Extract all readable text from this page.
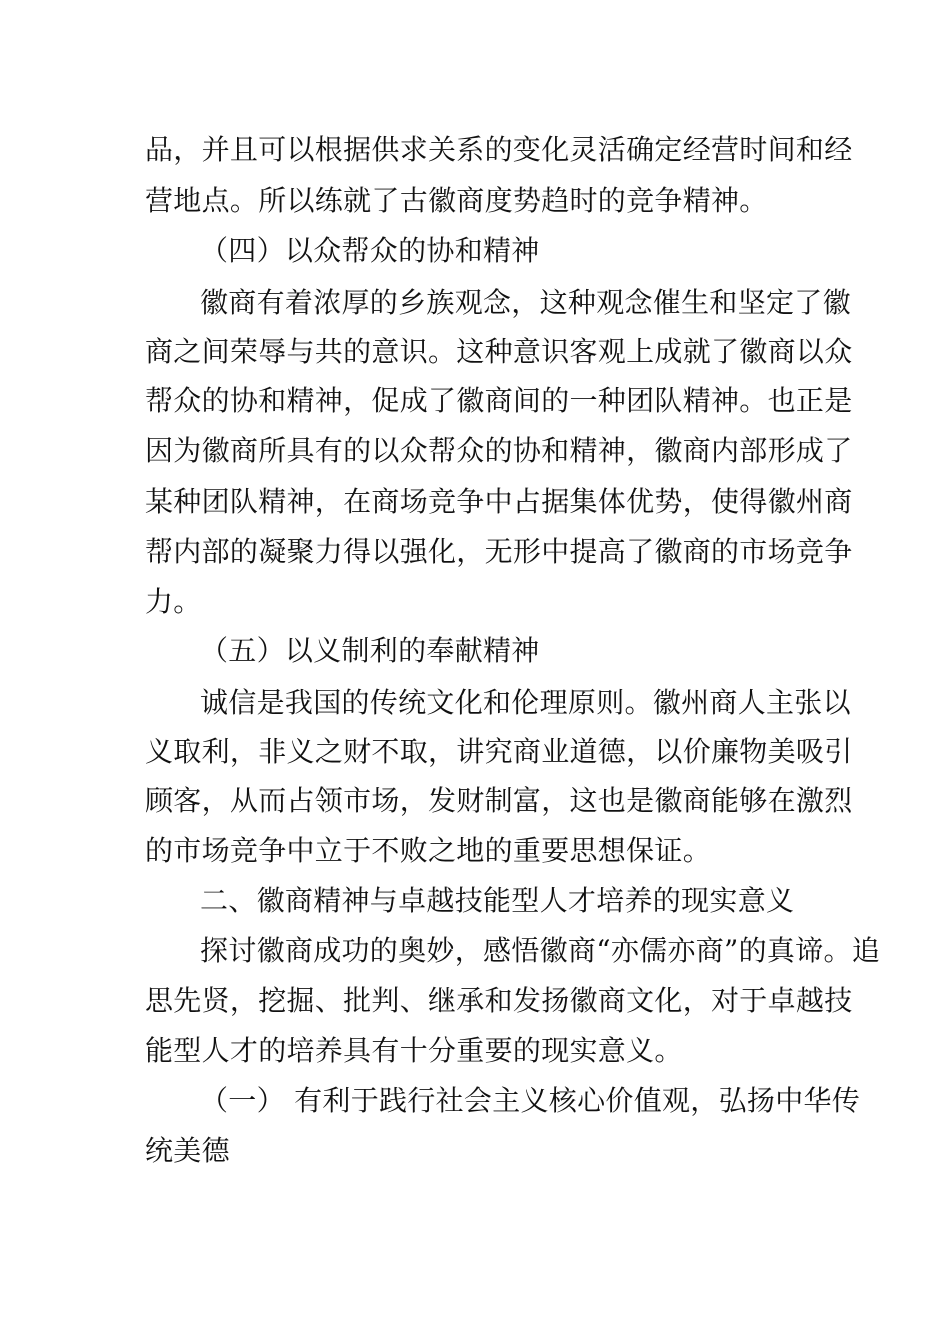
品，并且可以根据供求关系的变化灵活确定经营时间和经
营地点。所以练就了古徽商度势趋时的竞争精神。
（四）以众帮众的协和精神
徽商有着浓厚的乡族观念，这种观念催生和坚定了徽
商之间荣辱与共的意识。这种意识客观上成就了徽商以众
帮众的协和精神，促成了徽商间的一种团队精神。也正是
因为徽商所具有的以众帮众的协和精神，徽商内部形成了
某种团队精神，在商场竞争中占据集体优势，使得徽州商
帮内部的凝聚力得以强化，无形中提高了徽商的市场竞争
力。
（五）以义制利的奉献精神
诚信是我国的传统文化和伦理原则。徽州商人主张以
义取利，非义之财不取，讲究商业道德，以价廉物美吸引
顾客，从而占领市场，发财制富，这也是徽商能够在激烈
的市场竞争中立于不败之地的重要思想保证。
二、徽商精神与卓越技能型人才培养的现实意义
探讨徽商成功的奥妙，感悟徽商“亦儒亦商”的真谛。追
思先贤，挖掘、批判、继承和发扬徽商文化，对于卓越技
能型人才的培养具有十分重要的现实意义。
（一） 有利于践行社会主义核心价值观，弘扬中华传
统美德
